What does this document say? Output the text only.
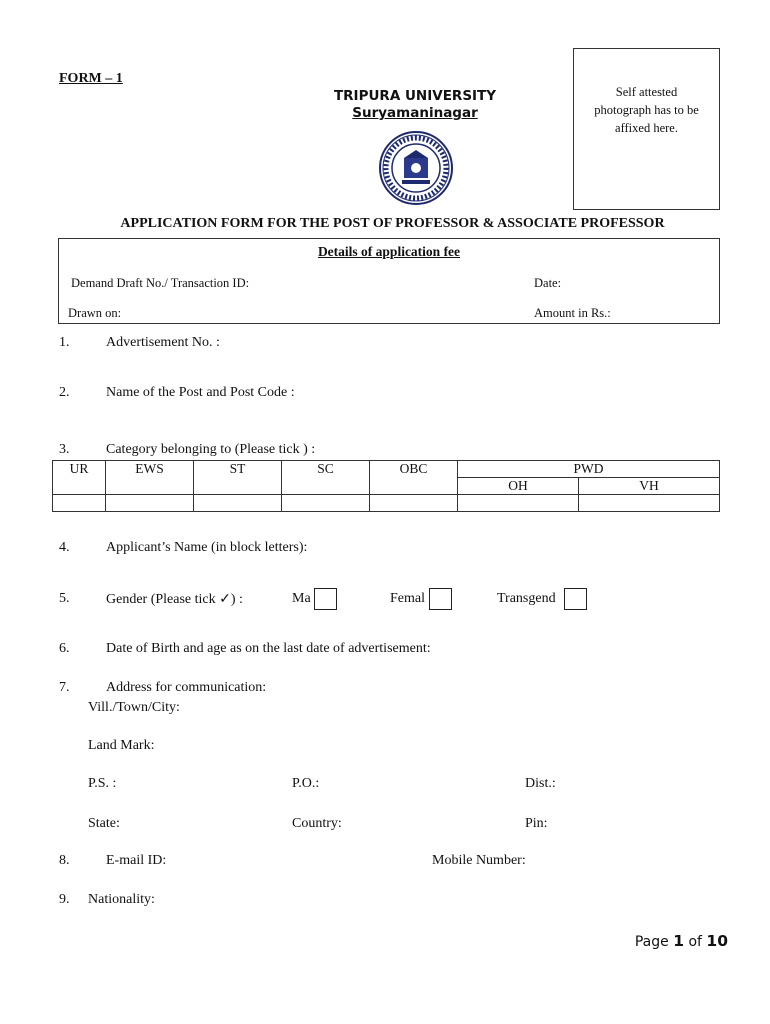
FORM – 1
TRIPURA UNIVERSITY
Suryamaninagar
Self attested
photograph has to be
affixed here.
APPLICATION FORM FOR THE POST OF PROFESSOR & ASSOCIATE PROFESSOR
Details of application fee
Demand Draft No./ Transaction ID:	Date:
Drawn on:	Amount in Rs.:
1.	Advertisement No. :
2.	Name of the Post and Post Code :
3.	Category belonging to (Please tick ) :
UR	EWS	ST	SC	OBC	PWD	
					OH	VH

4.	Applicant’s Name (in block letters):
5.	Gender (Please tick ✓) :	Ma	Femal	Transgend
6.	Date of Birth and age as on the last date of advertisement:
7.	Address for communication:
Vill./Town/City:
Land Mark:
P.S. :	P.O.:	Dist.:
State:	Country:	Pin:
8.	E-mail ID:	Mobile Number:
9. Nationality:
Page 1 of 10
